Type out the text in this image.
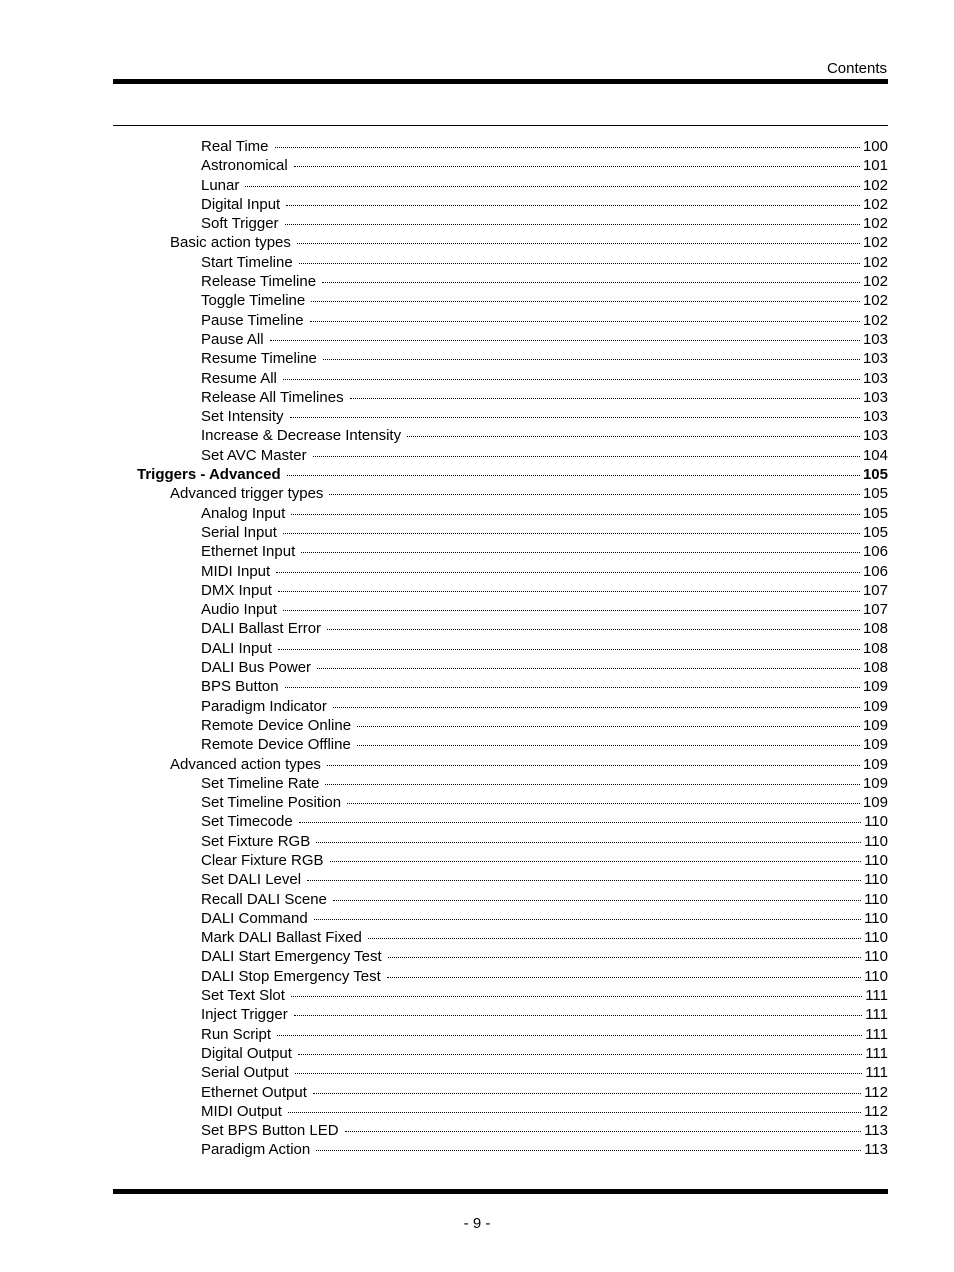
Contents
Real Time	100
Astronomical	101
Lunar	102
Digital Input	102
Soft Trigger	102
Basic action types	102
Start Timeline	102
Release Timeline	102
Toggle Timeline	102
Pause Timeline	102
Pause All	103
Resume Timeline	103
Resume All	103
Release All Timelines	103
Set Intensity	103
Increase & Decrease Intensity	103
Set AVC Master	104
Triggers - Advanced	105
Advanced trigger types	105
Analog Input	105
Serial Input	105
Ethernet Input	106
MIDI Input	106
DMX Input	107
Audio Input	107
DALI Ballast Error	108
DALI Input	108
DALI Bus Power	108
BPS Button	109
Paradigm Indicator	109
Remote Device Online	109
Remote Device Offline	109
Advanced action types	109
Set Timeline Rate	109
Set Timeline Position	109
Set Timecode	110
Set Fixture RGB	110
Clear Fixture RGB	110
Set DALI Level	110
Recall DALI Scene	110
DALI Command	110
Mark DALI Ballast Fixed	110
DALI Start Emergency Test	110
DALI Stop Emergency Test	110
Set Text Slot	111
Inject Trigger	111
Run Script	111
Digital Output	111
Serial Output	111
Ethernet Output	112
MIDI Output	112
Set BPS Button LED	113
Paradigm Action	113
- 9 -
